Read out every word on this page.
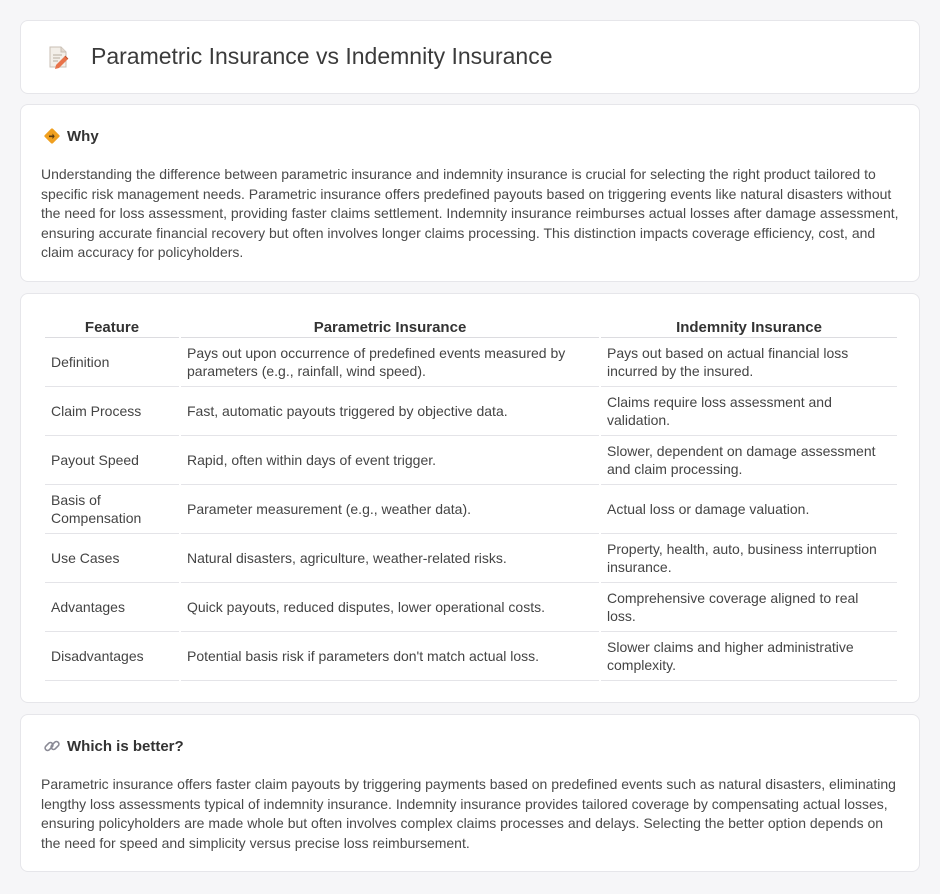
Parametric Insurance vs Indemnity Insurance
Why

Understanding the difference between parametric insurance and indemnity insurance is crucial for selecting the right product tailored to specific risk management needs. Parametric insurance offers predefined payouts based on triggering events like natural disasters without the need for loss assessment, providing faster claims settlement. Indemnity insurance reimburses actual losses after damage assessment, ensuring accurate financial recovery but often involves longer claims processing. This distinction impacts coverage efficiency, cost, and claim accuracy for policyholders.

Feature	Parametric Insurance	Indemnity Insurance
Definition	Pays out upon occurrence of predefined events measured by parameters (e.g., rainfall, wind speed).	Pays out based on actual financial loss incurred by the insured.
Claim Process	Fast, automatic payouts triggered by objective data.	Claims require loss assessment and validation.
Payout Speed	Rapid, often within days of event trigger.	Slower, dependent on damage assessment and claim processing.
Basis of Compensation	Parameter measurement (e.g., weather data).	Actual loss or damage valuation.
Use Cases	Natural disasters, agriculture, weather-related risks.	Property, health, auto, business interruption insurance.
Advantages	Quick payouts, reduced disputes, lower operational costs.	Comprehensive coverage aligned to real loss.
Disadvantages	Potential basis risk if parameters don't match actual loss.	Slower claims and higher administrative complexity.
Which is better?

Parametric insurance offers faster claim payouts by triggering payments based on predefined events such as natural disasters, eliminating lengthy loss assessments typical of indemnity insurance. Indemnity insurance provides tailored coverage by compensating actual losses, ensuring policyholders are made whole but often involves complex claims processes and delays. Selecting the better option depends on the need for speed and simplicity versus precise loss reimbursement.
